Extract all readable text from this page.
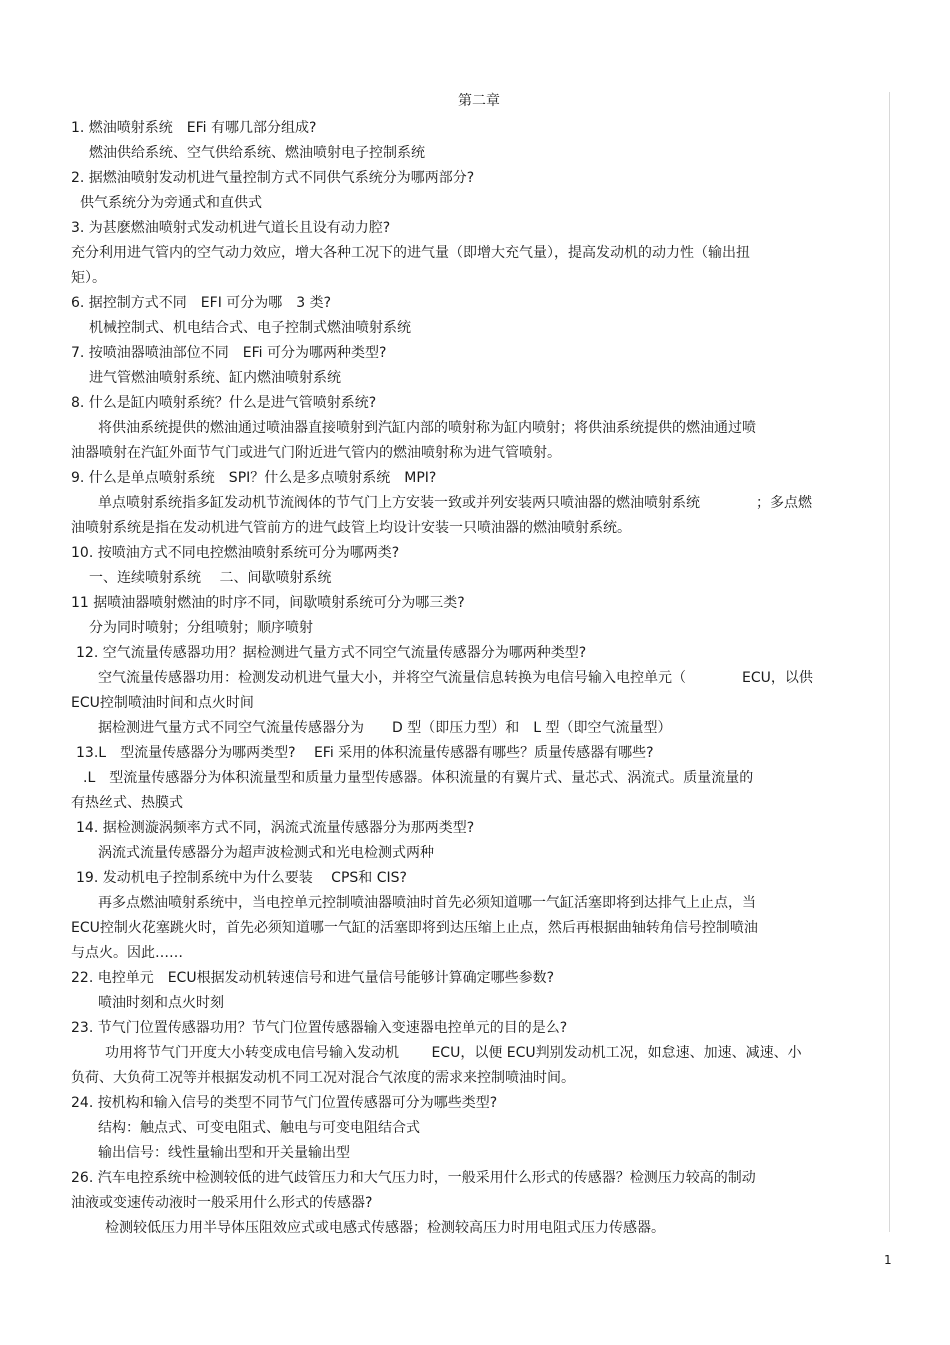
第二章
1. 燃油喷射系统　EFi 有哪几部分组成?
燃油供给系统、空气供给系统、燃油喷射电子控制系统
2. 据燃油喷射发动机进气量控制方式不同供气系统分为哪两部分?
供气系统分为旁通式和直供式
3. 为甚麽燃油喷射式发动机进气道长且设有动力腔?
充分利用进气管内的空气动力效应，增大各种工况下的进气量（即增大充气量），提高发动机的动力性（输出扭
矩）。
6. 据控制方式不同　EFI 可分为哪　3 类?
机械控制式、机电结合式、电子控制式燃油喷射系统
7. 按喷油器喷油部位不同　EFi 可分为哪两种类型?
进气管燃油喷射系统、缸内燃油喷射系统
8. 什么是缸内喷射系统？什么是进气管喷射系统?
将供油系统提供的燃油通过喷油器直接喷射到汽缸内部的喷射称为缸内喷射；将供油系统提供的燃油通过喷
油器喷射在汽缸外面节气门或进气门附近进气管内的燃油喷射称为进气管喷射。
9. 什么是单点喷射系统　SPI？什么是多点喷射系统　MPI?
单点喷射系统指多缸发动机节流阀体的节气门上方安装一致或并列安装两只喷油器的燃油喷射系统　　　　；多点燃
油喷射系统是指在发动机进气管前方的进气歧管上均设计安装一只喷油器的燃油喷射系统。
10. 按喷油方式不同电控燃油喷射系统可分为哪两类?
一、连续喷射系统　 二、间歇喷射系统
11 据喷油器喷射燃油的时序不同，间歇喷射系统可分为哪三类?
分为同时喷射；分组喷射；顺序喷射
12. 空气流量传感器功用？据检测进气量方式不同空气流量传感器分为哪两种类型?
空气流量传感器功用：检测发动机进气量大小，并将空气流量信息转换为电信号输入电控单元（　　　　ECU，以供
ECU控制喷油时间和点火时间
据检测进气量方式不同空气流量传感器分为　　D 型（即压力型）和　L 型（即空气流量型）
13.L　型流量传感器分为哪两类型?　 EFi 采用的体积流量传感器有哪些？质量传感器有哪些?
.L　型流量传感器分为体积流量型和质量力量型传感器。体积流量的有翼片式、量芯式、涡流式。质量流量的
有热丝式、热膜式
14. 据检测漩涡频率方式不同，涡流式流量传感器分为那两类型?
涡流式流量传感器分为超声波检测式和光电检测式两种
19. 发动机电子控制系统中为什么要装　 CPS和 CIS?
再多点燃油喷射系统中，当电控单元控制喷油器喷油时首先必须知道哪一气缸活塞即将到达排气上止点，当
ECU控制火花塞跳火时，首先必须知道哪一气缸的活塞即将到达压缩上止点，然后再根据曲轴转角信号控制喷油
与点火。因此……
22. 电控单元　ECU根据发动机转速信号和进气量信号能够计算确定哪些参数?
喷油时刻和点火时刻
23. 节气门位置传感器功用？节气门位置传感器输入变速器电控单元的目的是么?
功用将节气门开度大小转变成电信号输入发动机　　 ECU，以便 ECU判别发动机工况，如怠速、加速、减速、小
负荷、大负荷工况等并根据发动机不同工况对混合气浓度的需求来控制喷油时间。
24. 按机构和输入信号的类型不同节气门位置传感器可分为哪些类型?
结构：触点式、可变电阻式、触电与可变电阻结合式
输出信号：线性量输出型和开关量输出型
26. 汽车电控系统中检测较低的进气歧管压力和大气压力时，一般采用什么形式的传感器？检测压力较高的制动
油液或变速传动液时一般采用什么形式的传感器?
检测较低压力用半导体压阻效应式或电感式传感器；检测较高压力时用电阻式压力传感器。
1
